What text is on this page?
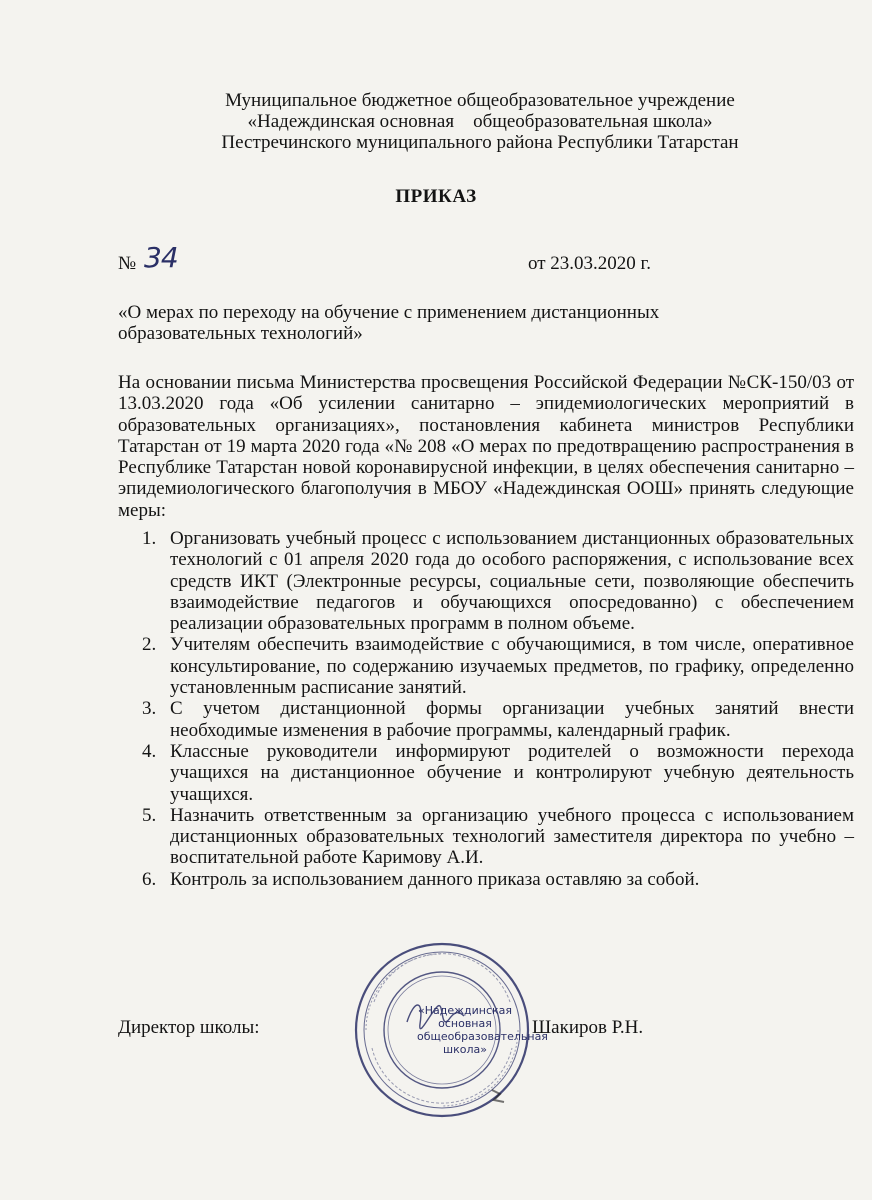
Муниципальное бюджетное общеобразовательное учреждение
«Надеждинская основная    общеобразовательная школа»
Пестречинского муниципального района Республики Татарстан
ПРИКАЗ
№ 34	от 23.03.2020 г.
«О мерах по переходу на обучение с применением дистанционных образовательных технологий»
На основании письма Министерства просвещения Российской Федерации №СК-150/03 от 13.03.2020 года «Об усилении санитарно – эпидемиологических мероприятий в образовательных организациях», постановления кабинета министров Республики Татарстан от 19 марта 2020 года «№ 208 «О мерах по предотвращению распространения в Республике Татарстан новой коронавирусной инфекции, в целях обеспечения санитарно – эпидемиологического благополучия в МБОУ «Надеждинская ООШ» принять следующие меры:
1. Организовать учебный процесс с использованием дистанционных образовательных технологий с 01 апреля 2020 года до особого распоряжения, с использование всех средств ИКТ (Электронные ресурсы, социальные сети, позволяющие обеспечить взаимодействие педагогов и обучающихся опосредованно) с обеспечением реализации образовательных программ в полном объеме.
2. Учителям обеспечить взаимодействие с обучающимися, в том числе, оперативное консультирование, по содержанию изучаемых предметов, по графику, определенно установленным расписание занятий.
3. С учетом дистанционной формы организации учебных занятий внести необходимые изменения в рабочие программы, календарный график.
4. Классные руководители информируют родителей о возможности перехода учащихся на дистанционное обучение и контролируют учебную деятельность учащихся.
5. Назначить ответственным за организацию учебного процесса с использованием дистанционных образовательных технологий заместителя директора по учебно – воспитательной работе Каримову А.И.
6. Контроль за использованием данного приказа оставляю за собой.
Директор школы:	Шакиров Р.Н.
«Надеждинская основная общеобразовательная школа»
